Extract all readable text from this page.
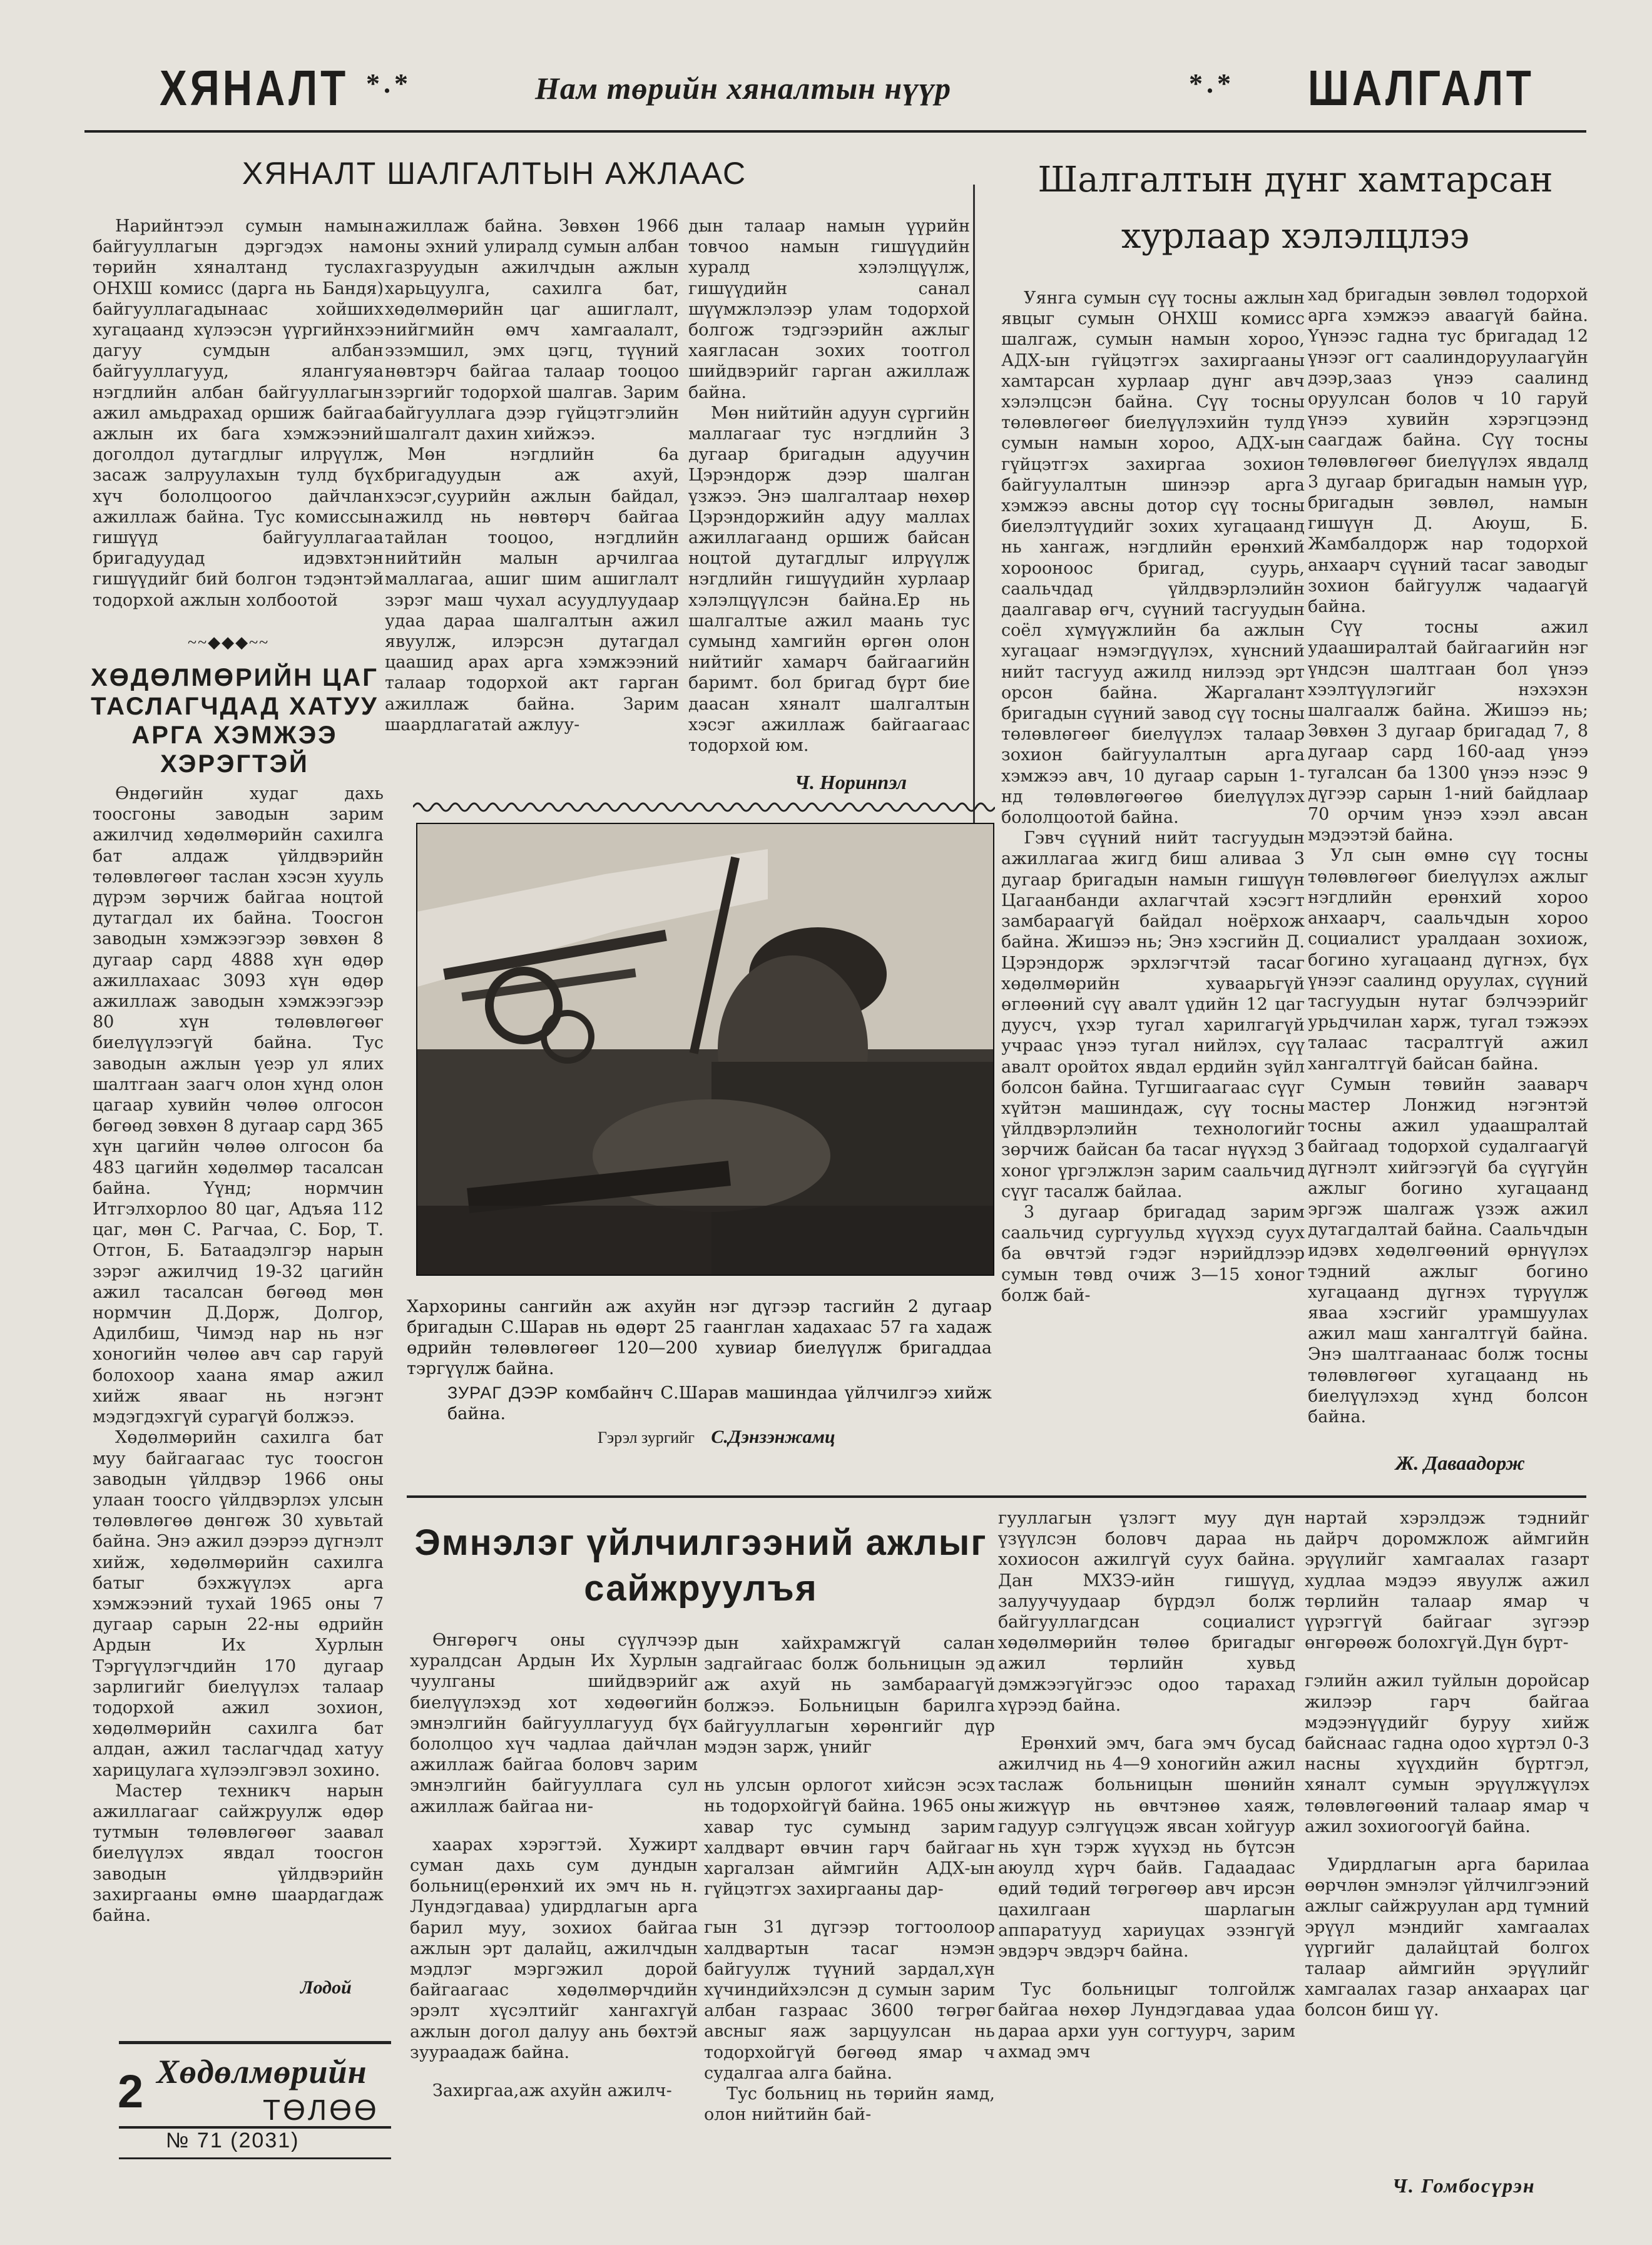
ХЯНАЛТ *.*	Нам төрийн хяналтын нүүр	*.* ШАЛГАЛТ
ХЯНАЛТ ШАЛГАЛТЫН АЖЛААС

Нарийнтээл сумын намын байгууллагын дэргэдэх нам төрийн хяналтанд туслах ОНХШ комисс (дарга нь Бандя) байгууллагадынаас хойших хугацаанд хүлээсэн үүргийнхээ дагуу сумдын албан байгууллагууд, ялангуяа нэгдлийн албан байгууллагын ажил амьдрахад оршиж байгаа ажлын их бага хэмжээний доголдол дутагдлыг илрүүлж, засаж залруулахын тулд бүх хүч бололцоогоо дайчлан ажиллаж байна. Тус комиссын гишүүд байгууллагаа бригадуудад идэвхтэн гишүүдийг бий болгон тэдэнтэй тодорхой ажлын холбоотой

~~◆◆◆~~

ажиллаж байна. Зөвхөн 1966 оны эхний улиралд сумын албан газруудын ажилчдын ажлын харьцуулга, сахилга бат, хөдөлмөрийн цаг ашиглалт, нийгмийн өмч хамгаалалт, эзэмшил, эмх цэгц, түүний нөвтэрч байгаа талаар тооцоо зэргийг тодорхой шалгав. Зарим байгууллага дээр гүйцэтгэлийн шалгалт дахин хийжээ.

Мөн нэгдлийн 6а бригадуудын аж ахуй, хэсэг,суурийн ажлын байдал, ажилд нь нөвтөрч байгаа тайлан тооцоо, нэгдлийн нийтийн малын арчилгаа маллагаа, ашиг шим ашиглалт зэрэг маш чухал асуудлуудаар удаа дараа шалгалтын ажил явуулж, илэрсэн дутагдал цаашид арах арга хэмжээний талаар тодорхой акт гарган ажиллаж байна. Зарим шаардлагатай ажлуу-

дын талаар намын үүрийн товчоо намын гишүүдийн хуралд хэлэлцүүлж, гишүүдийн санал шүүмжлэлээр улам тодорхой болгож тэдгээрийн ажлыг хаягласан зохих тоотгол шийдвэрийг гарган ажиллаж байна.

Мөн нийтийн адуун сүргийн маллагааг тус нэгдлийн 3 дугаар бригадын адуучин Цэрэндорж дээр шалган үзжээ. Энэ шалгалтаар нөхөр Цэрэндоржийн адуу маллах ажиллагаанд оршиж байсан ноцтой дутагдлыг илрүүлж нэгдлийн гишүүдийн хурлаар хэлэлцүүлсэн байна.Ер нь шалгалтые ажил маань тус сумынд хамгийн өргөн олон нийтийг хамарч байгаагийн баримт. бол бригад бүрт бие даасан хяналт шалгалтын хэсэг ажиллаж байгаагаас тодорхой юм.

Ч. Норинпэл
ХӨДӨЛМӨРИЙН ЦАГ ТАСЛАГЧДАД ХАТУУ АРГА ХЭМЖЭЭ ХЭРЭГТЭЙ

Өндөгийн худаг дахь тоосгоны заводын зарим ажилчид хөдөлмөрийн сахилга бат алдаж үйлдвэрийн төлөвлөгөөг таслан хэсэн хууль дүрэм зөрчиж байгаа ноцтой дутагдал их байна. Тоосгон заводын хэмжээгээр зөвхөн 8 дугаар сард 4888 хүн өдөр ажиллахаас 3093 хүн өдөр ажиллаж заводын хэмжээгээр 80 хүн төлөвлөгөөг биелүүлээгүй байна. Тус заводын ажлын үеэр ул ялих шалтгаан заагч олон хүнд олон цагаар хувийн чөлөө олгосон бөгөөд зөвхөн 8 дугаар сард 365 хүн цагийн чөлөө олгосон ба 483 цагийн хөдөлмөр тасалсан байна. Үүнд; нормчин Итгэлхорлоо 80 цаг, Адъяа 112 цаг, мөн С. Рагчаа, С. Бор, Т. Отгон, Б. Батаадэлгэр нарын зэрэг ажилчид 19-32 цагийн ажил тасалсан бөгөөд мөн нормчин Д.Дорж, Долгор, Адилбиш, Чимэд нар нь нэг хоногийн чөлөө авч сар гаруй болохоор хаана ямар ажил хийж явааг нь нэгэнт мэдэгдэхгүй сурагүй болжээ.

Хөдөлмөрийн сахилга бат муу байгаагаас тус тоосгон заводын үйлдвэр 1966 оны улаан тоосго үйлдвэрлэх улсын төлөвлөгөө дөнгөж 30 хувьтай байна. Энэ ажил дээрээ дүгнэлт хийж, хөдөлмөрийн сахилга батыг бэхжүүлэх арга хэмжээний тухай 1965 оны 7 дугаар сарын 22-ны өдрийн Ардын Их Хурлын Тэргүүлэгчдийн 170 дугаар зарлигийг биелүүлэх талаар тодорхой ажил зохион, хөдөлмөрийн сахилга бат алдан, ажил таслагчдад хатуу харицулага хүлээлгэвэл зохино.

Мастер техникч нарын ажиллагааг сайжруулж өдөр тутмын төлөвлөгөөг заавал биелүүлэх явдал тоосгон заводын үйлдвэрийн захиргааны өмнө шаардагдаж байна.

Лодой
Хархорины сангийн аж ахуйн нэг дүгээр тасгийн 2 дугаар бригадын С.Шарав нь өдөрт 25 гаанглан хадахаас 57 га хадаж өдрийн төлөвлөгөөг 120—200 хувиар биелүүлж бригаддаа тэргүүлж байна.
ЗУРАГ ДЭЭР комбайнч С.Шарав машиндаа үйлчилгээ хийж байна.
Гэрэл зургийг С.Дэнзэнжамц
Шалгалтын дүнг хамтарсан
хурлаар хэлэлцлээ

Уянга сумын сүү тосны ажлын явцыг сумын ОНХШ комисс шалгаж, сумын намын хороо, АДХ-ын гүйцэтгэх захиргааны хамтарсан хурлаар дүнг авч хэлэлцсэн байна. Сүү тосны төлөвлөгөөг биелүүлэхийн тулд сумын намын хороо, АДХ-ын гүйцэтгэх захиргаа зохион байгуулалтын шинээр арга хэмжээ авсны дотор сүү тосны биелэлтүүдийг зохих хугацаанд нь хангаж, нэгдлийн ерөнхий хорооноос бригад, суурь, саальчдад үйлдвэрлэлийн даалгавар өгч, сүүний тасгуудын соёл хүмүүжлийн ба ажлын хугацааг нэмэгдүүлэх, хүнсний нийт тасгууд ажилд нилээд эрт орсон байна. Жаргалант бригадын сүүний завод сүү тосны төлөвлөгөөг биелүүлэх талаар зохион байгуулалтын арга хэмжээ авч, 10 дугаар сарын 1-нд төлөвлөгөөгөө биелүүлэх бололцоотой байна.

Гэвч сүүний нийт тасгуудын ажиллагаа жигд биш аливаа 3 дугаар бригадын намын гишүүн Цагаанбанди ахлагчтай хэсэгт замбараагүй байдал ноёрхож байна. Жишээ нь; Энэ хэсгийн Д. Цэрэндорж эрхлэгчтэй тасаг хөдөлмөрийн хуваарьгүй өглөөний сүү авалт үдийн 12 цаг дуусч, үхэр тугал харилгагүй учраас үнээ тугал нийлэх, сүү авалт оройтох явдал ердийн зүйл болсон байна. Тугшигаагаас сүүг хүйтэн машиндаж, сүү тосны үйлдвэрлэлийн технологийг зөрчиж байсан ба тасаг нүүхэд 3 хоног үргэлжлэн зарим саальчид сүүг тасалж байлаа.

3 дугаар бригадад зарим саальчид сургуульд хүүхэд суух ба өвчтэй гэдэг нэрийдлээр сумын төвд очиж 3—15 хоног болж бай-

хад бригадын зөвлөл тодорхой арга хэмжээ аваагүй байна. Үүнээс гадна тус бригадад 12 үнээг огт саалиндоруулаагүйн дээр,зааз үнээ саалинд оруулсан болов ч 10 гаруй үнээ хувийн хэрэгцээнд саагдаж байна. Сүү тосны төлөвлөгөөг биелүүлэх явдалд 3 дугаар бригадын намын үүр, бригадын зөвлөл, намын гишүүн Д. Аюуш, Б. Жамбалдорж нар тодорхой анхаарч сүүний тасаг заводыг зохион байгуулж чадаагүй байна.

Сүү тосны ажил удааширалтай байгаагийн нэг үндсэн шалтгаан бол үнээ хээлтүүлэгийг нэхэхэн шалгаалж байна. Жишээ нь; Зөвхөн 3 дугаар бригадад 7, 8 дугаар сард 160-аад үнээ тугалсан ба 1300 үнээ нээс 9 дүгээр сарын 1-ний байдлаар 70 орчим үнээ хээл авсан мэдээтэй байна.

Ул сын өмнө сүү тосны төлөвлөгөөг биелүүлэх ажлыг нэгдлийн ерөнхий хороо анхаарч, саальчдын хороо социалист уралдаан зохиож, богино хугацаанд дүгнэх, бүх үнээг саалинд оруулах, сүүний тасгуудын нутаг бэлчээрийг урьдчилан харж, тугал тэжээх талаас тасралтгүй ажил хангалтгүй байсан байна.

Сумын төвийн зааварч мастер Лонжид нэгэнтэй тосны ажил удаашралтай байгаад тодорхой судалгаагүй дүгнэлт хийгээгүй ба сүүгүйн ажлыг богино хугацаанд эргэж шалгаж үзэж ажил дутагдалтай байна. Саальчдын идэвх хөдөлгөөний өрнүүлэх тэдний ажлыг богино хугацаанд дүгнэх түрүүлж яваа хэсгийг урамшуулах ажил маш хангалтгүй байна. Энэ шалтгаанаас болж тосны төлөвлөгөөг хугацаанд нь биелүүлэхэд хүнд болсон байна.

Ж. Даваадорж
Эмнэлэг үйлчилгээний ажлыг
сайжруулъя

Өнгөрөгч оны сүүлчээр хуралдсан Ардын Их Хурлын чуулганы шийдвэрийг биелүүлэхэд хот хөдөөгийн эмнэлгийн байгууллагууд бүх бололцоо хүч чадлаа дайчлан ажиллаж байгаа боловч зарим эмнэлгийн байгууллага сул ажиллаж байгаа ни-

хаарах хэрэгтэй. Хужирт суман дахь сум дундын больниц(ерөнхий их эмч нь н. Лундэгдаваа) удирдлагын арга барил муу, зохиох байгаа ажлын эрт далайц, ажилчдын мэдлэг мэргэжил дорой байгаагаас хөдөлмөрчдийн эрэлт хүсэлтийг хангахгүй ажлын догол далуу ань бөхтэй зуураадаж байна.

Захиргаа,аж ахуйн ажилч-

дын хайхрамжгүй салан задгайгаас болж больницын эд аж ахуй нь замбараагүй болжээ. Больницын барилга байгууллагын хөрөнгийг дүр мэдэн зарж, үнийг

нь улсын орлогот хийсэн эсэх нь тодорхойгүй байна. 1965 оны хавар тус сумынд зарим халдварт өвчин гарч байгааг харгалзан аймгийн АДХ-ын гүйцэтгэх захиргааны дар-

гын 31 дүгээр тогтоолоор халдвартын тасаг нэмэн байгуулж түүний зардал,хүн хүчиндийхэлсэн д сумын зарим албан газраас 3600 төгрөг авсныг яаж зарцуулсан нь тодорхойгүй бөгөөд ямар ч судалгаа алга байна.

Тус больниц нь төрийн яамд, олон нийтийн бай-

гууллагын үзлэгт муу дүн үзүүлсэн боловч дараа нь хохиосон ажилгүй суух байна. Дан МХЗЭ-ийн гишүүд, залуучуудаар бүрдэл болж байгууллагдсан социалист хөдөлмөрийн төлөө бригадыг ажил төрлийн хувьд дэмжээгүйгээс одоо тарахад хүрээд байна.

Ерөнхий эмч, бага эмч бусад ажилчид нь 4—9 хоногийн ажил таслаж больницын шөнийн жижүүр нь өвчтэнөө хаяж, гадуур сэлгүүцэж явсан хойгуур нь хүн тэрж хүүхэд нь бүтсэн аюулд хүрч байв. Гадаадаас өдий төдий төгрөгөөр авч ирсэн цахилгаан шарлагын аппаратууд хариуцах эзэнгүй эвдэрч эвдэрч байна.

Тус больницыг толгойлж байгаа нөхөр Лундэгдаваа удаа дараа архи уун согтуурч, зарим ахмад эмч

нартай хэрэлдэж тэднийг дайрч доромжлож аймгийн эрүүлийг хамгаалах газарт худлаа мэдээ явуулж ажил төрлийн талаар ямар ч үүрэггүй байгааг зүгээр өнгөрөөж болохгүй.Дүн бүрт-

гэлийн ажил туйлын доройсар жилээр гарч байгаа мэдээнүүдийг буруу хийж байснаас гадна одоо хүртэл 0-3 насны хүүхдийн бүртгэл, хяналт сумын эрүүлжүүлэх төлөвлөгөөний талаар ямар ч ажил зохиогоогүй байна.

Удирдлагын арга барилаа өөрчлөн эмнэлэг үйлчилгээний ажлыг сайжруулан ард түмний эрүүл мэндийг хамгаалах үүргийг далайцтай болгох талаар аймгийн эрүүлийг хамгаалах газар анхаарах цаг болсон биш үү.

Ч. Гомбосүрэн
2 Хөдөлмөрийн
ТӨЛӨӨ
№ 71 (2031)
